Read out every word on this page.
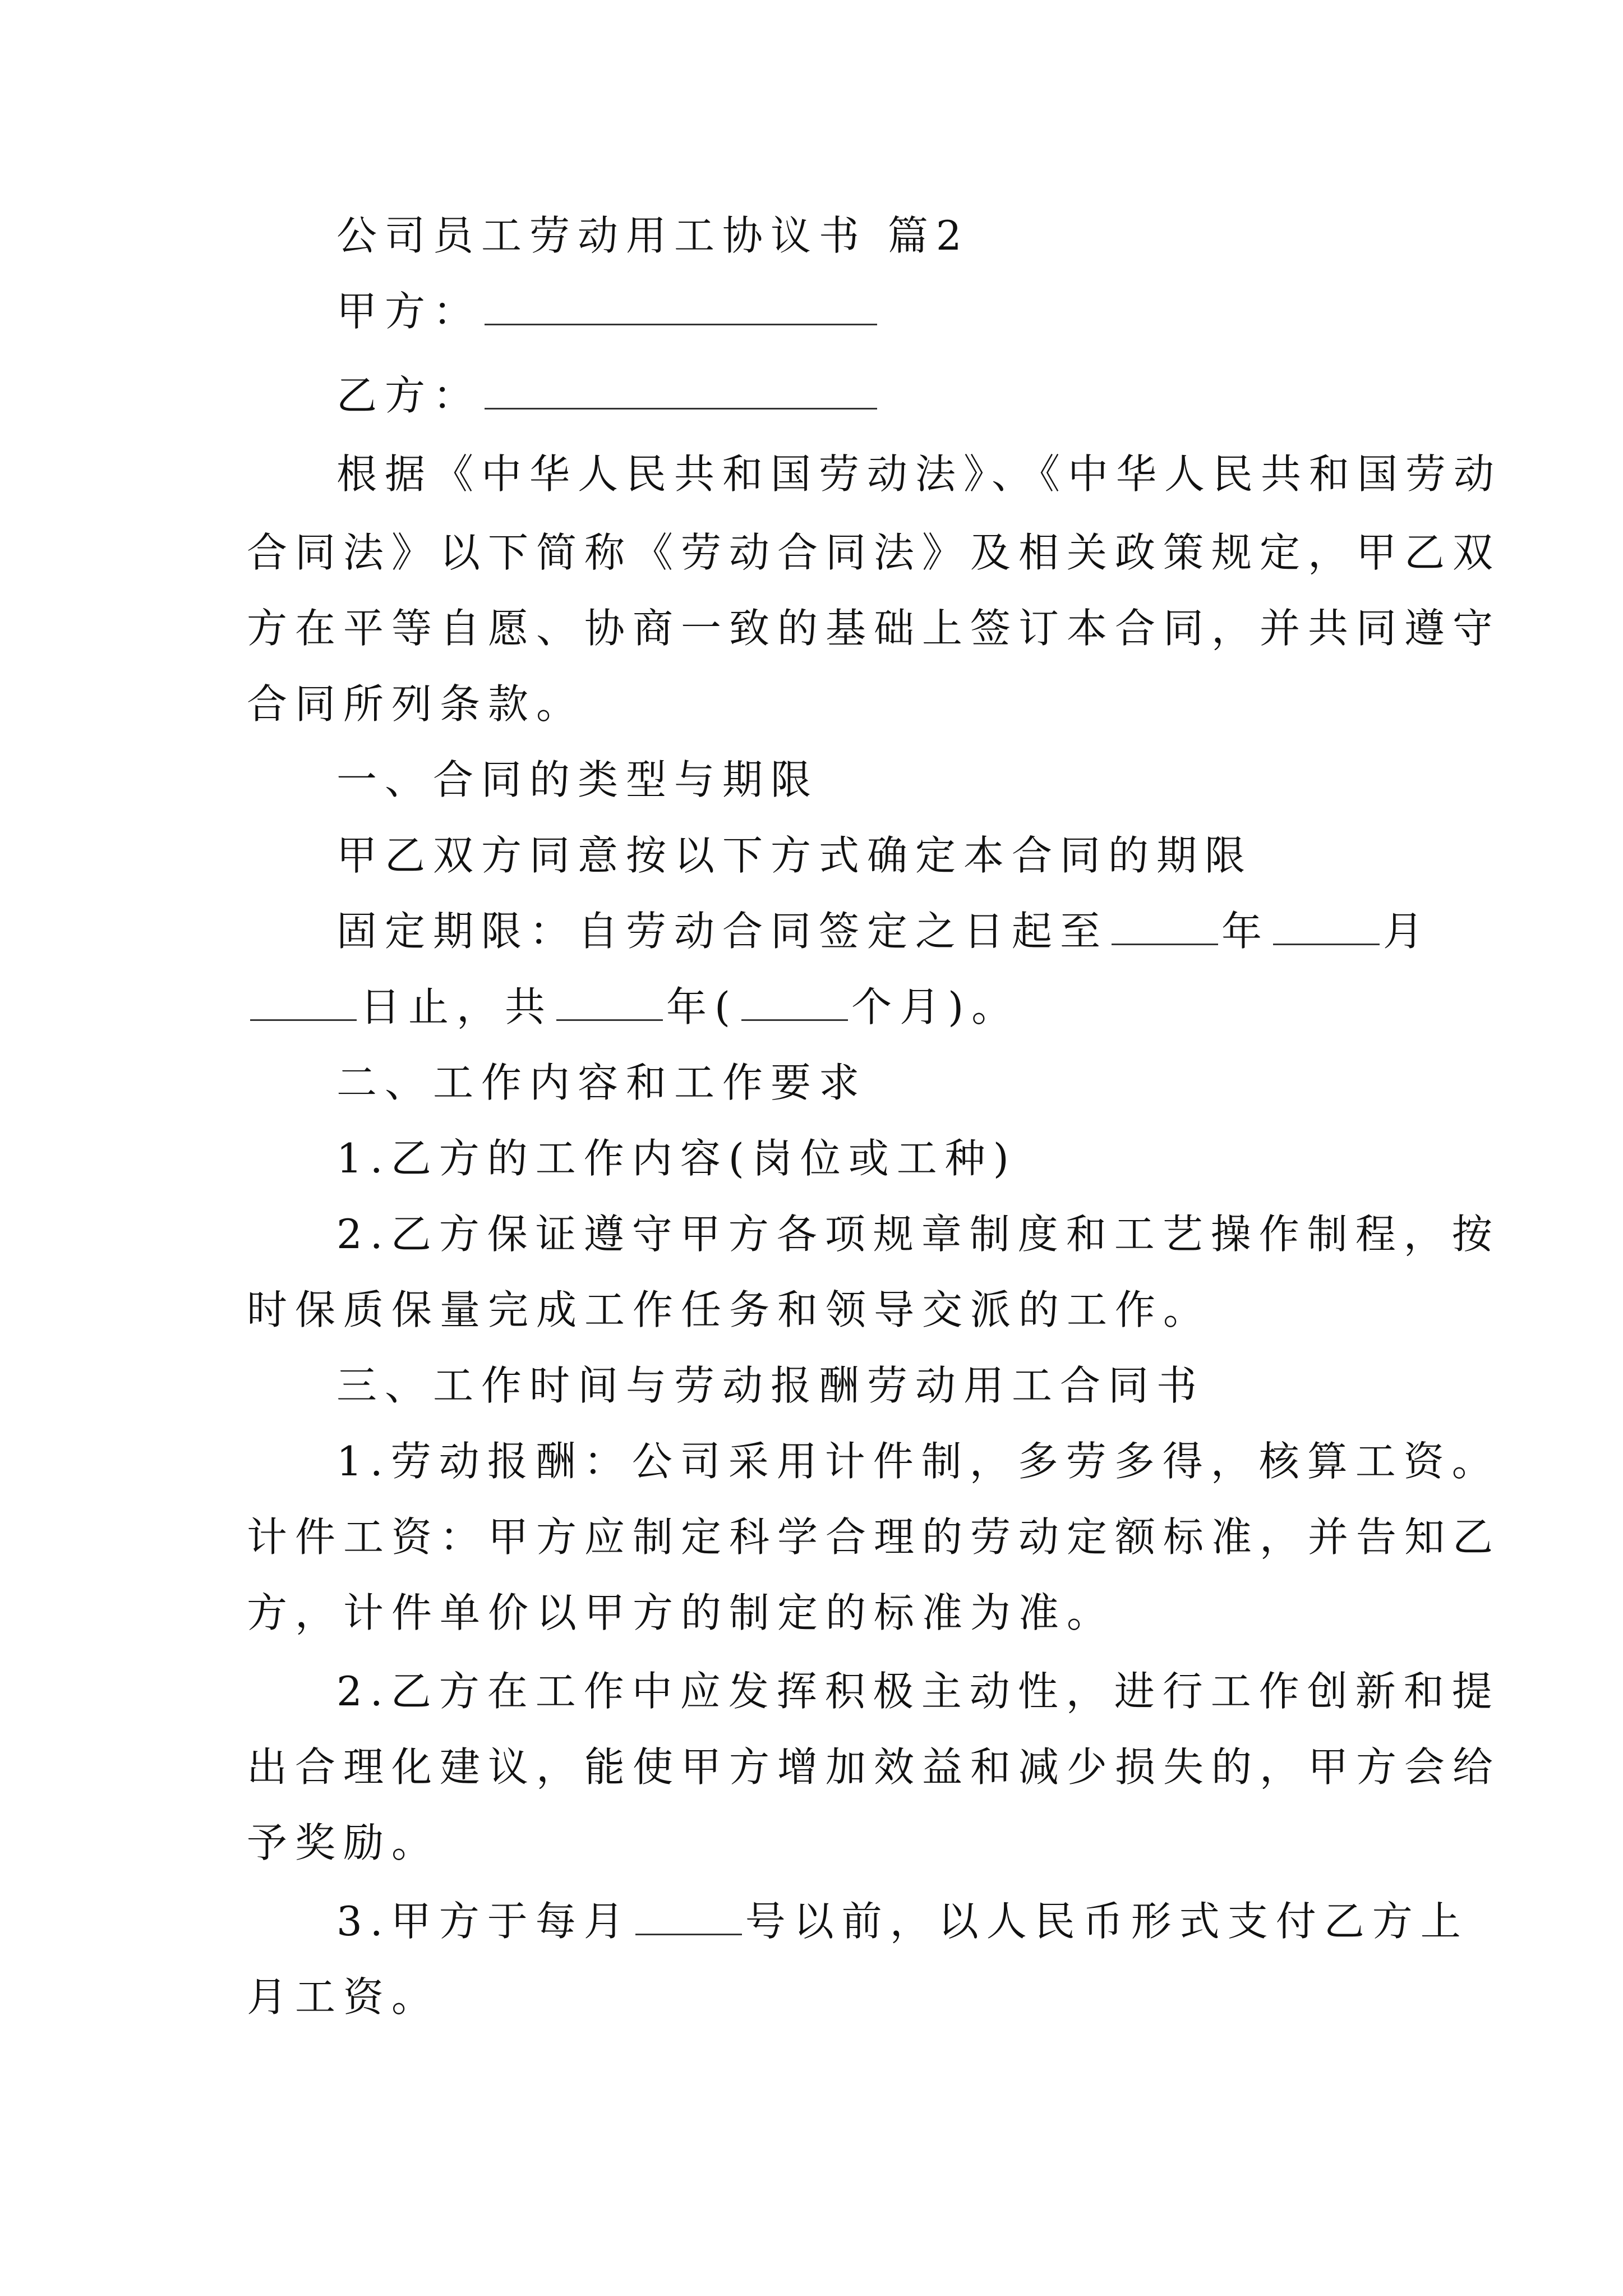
公司员工劳动用工协议书 篇2
甲方：
乙方：
根据《中华人民共和国劳动法》、《中华人民共和国劳动
合同法》以下简称《劳动合同法》及相关政策规定，甲乙双
方在平等自愿、协商一致的基础上签订本合同，并共同遵守
合同所列条款。
一、合同的类型与期限
甲乙双方同意按以下方式确定本合同的期限
固定期限：自劳动合同签定之日起至	年	月
日止，共	年(	个月)。
二、工作内容和工作要求
1.乙方的工作内容(岗位或工种)
2.乙方保证遵守甲方各项规章制度和工艺操作制程，按
时保质保量完成工作任务和领导交派的工作。
三、工作时间与劳动报酬劳动用工合同书
1.劳动报酬：公司采用计件制，多劳多得，核算工资。
计件工资：甲方应制定科学合理的劳动定额标准，并告知乙
方，计件单价以甲方的制定的标准为准。
2.乙方在工作中应发挥积极主动性，进行工作创新和提
出合理化建议，能使甲方增加效益和减少损失的，甲方会给
予奖励。
3.甲方于每月	号以前，以人民币形式支付乙方上
月工资。
